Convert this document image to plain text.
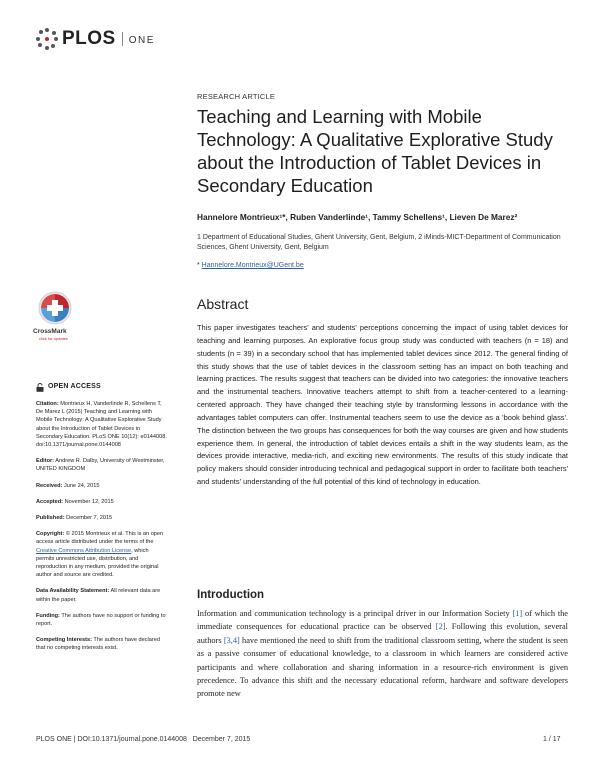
PLOS ONE
RESEARCH ARTICLE
Teaching and Learning with Mobile Technology: A Qualitative Explorative Study about the Introduction of Tablet Devices in Secondary Education
Hannelore Montrieux¹*, Ruben Vanderlinde¹, Tammy Schellens¹, Lieven De Marez²
1 Department of Educational Studies, Ghent University, Gent, Belgium, 2 iMinds-MICT-Department of Communication Sciences, Ghent University, Gent, Belgium
* Hannelore.Montrieux@UGent.be
CrossMark
click for updates
Abstract
This paper investigates teachers' and students' perceptions concerning the impact of using tablet devices for teaching and learning purposes. An explorative focus group study was conducted with teachers (n = 18) and students (n = 39) in a secondary school that has implemented tablet devices since 2012. The general finding of this study shows that the use of tablet devices in the classroom setting has an impact on both teaching and learning practices. The results suggest that teachers can be divided into two categories: the innovative teachers and the instrumental teachers. Innovative teachers attempt to shift from a teacher-centered to a learning-centered approach. They have changed their teaching style by transforming lessons in accordance with the advantages tablet computers can offer. Instrumental teachers seem to use the device as a 'book behind glass'. The distinction between the two groups has consequences for both the way courses are given and how students experience them. In general, the introduction of tablet devices entails a shift in the way students learn, as the devices provide interactive, media-rich, and exciting new environments. The results of this study indicate that policy makers should consider introducing technical and pedagogical support in order to facilitate both teachers' and students' understanding of the full potential of this kind of technology in education.
OPEN ACCESS
Citation: Montrieux H, Vanderlinde R, Schellens T, De Marez L (2015) Teaching and Learning with Mobile Technology: A Qualitative Explorative Study about the Introduction of Tablet Devices in Secondary Education. PLoS ONE 10(12): e0144008. doi:10.1371/journal.pone.0144008
Editor: Andrew R. Dalby, University of Westminster, UNITED KINGDOM
Received: June 24, 2015
Accepted: November 12, 2015
Published: December 7, 2015
Copyright: © 2015 Montrieux et al. This is an open access article distributed under the terms of the Creative Commons Attribution License, which permits unrestricted use, distribution, and reproduction in any medium, provided the original author and source are credited.
Data Availability Statement: All relevant data are within the paper.
Funding: The authors have no support or funding to report.
Competing Interests: The authors have declared that no competing interests exist.
Introduction
Information and communication technology is a principal driver in our Information Society [1] of which the immediate consequences for educational practice can be observed [2]. Following this evolution, several authors [3,4] have mentioned the need to shift from the traditional classroom setting, where the student is seen as a passive consumer of educational knowledge, to a classroom in which learners are considered active participants and where collaboration and sharing information in a resource-rich environment is given precedence. To advance this shift and the necessary educational reform, hardware and software developers promote new
PLOS ONE | DOI:10.1371/journal.pone.0144008   December 7, 2015	1 / 17
